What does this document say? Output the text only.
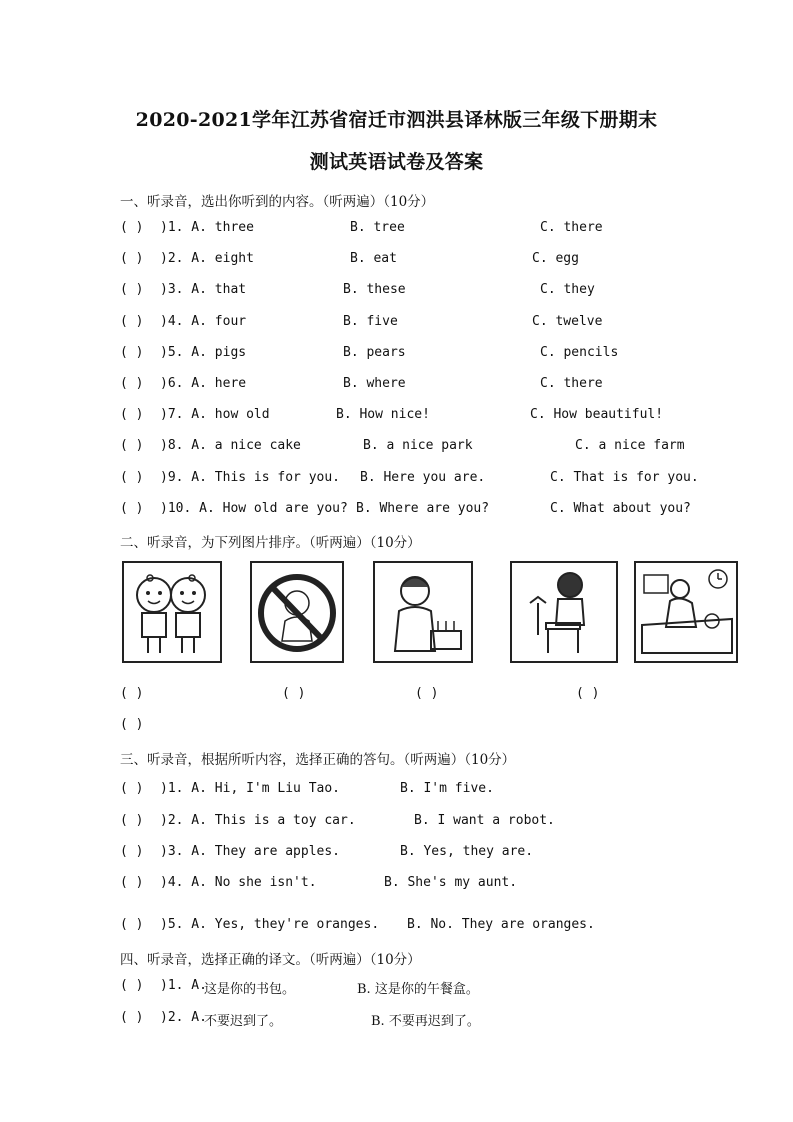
2020-2021学年江苏省宿迁市泗洪县译林版三年级下册期末
测试英语试卷及答案
一、听录音，选出你听到的内容。（听两遍）（10分）
( ) )1. A. three	B. tree	C. there
( ) )2. A. eight	B. eat	C. egg
( ) )3. A. that	B. these	C. they
( ) )4. A. four	B. five	C. twelve
( ) )5. A. pigs	B. pears	C. pencils
( ) )6. A. here	B. where	C. there
( ) )7. A. how old	B. How nice!	C. How beautiful!
( ) )8. A. a nice cake	B. a nice park	C. a nice farm
( ) )9. A. This is for you. B. Here you are.	C. That is for you.
( ) )10. A. How old are you? B. Where are you?	C. What about you?
二、听录音，为下列图片排序。（听两遍）（10分）
( )	( )	( )	( )
( )
三、听录音，根据所听内容，选择正确的答句。（听两遍）（10分）
( ) )1. A. Hi, I'm Liu Tao.	B. I'm five.
( ) )2. A. This is a toy car.	B. I want a robot.
( ) )3. A. They are apples.	B. Yes, they are.
( ) )4. A. No she isn't.	B. She's my aunt.
( ) )5. A. Yes, they're oranges. B. No. They are oranges.
四、听录音，选择正确的译文。（听两遍）（10分）
( ) )1. A.
这是你的书包。	B. 这是你的午餐盒。
( ) )2. A.
不要迟到了。	B. 不要再迟到了。
